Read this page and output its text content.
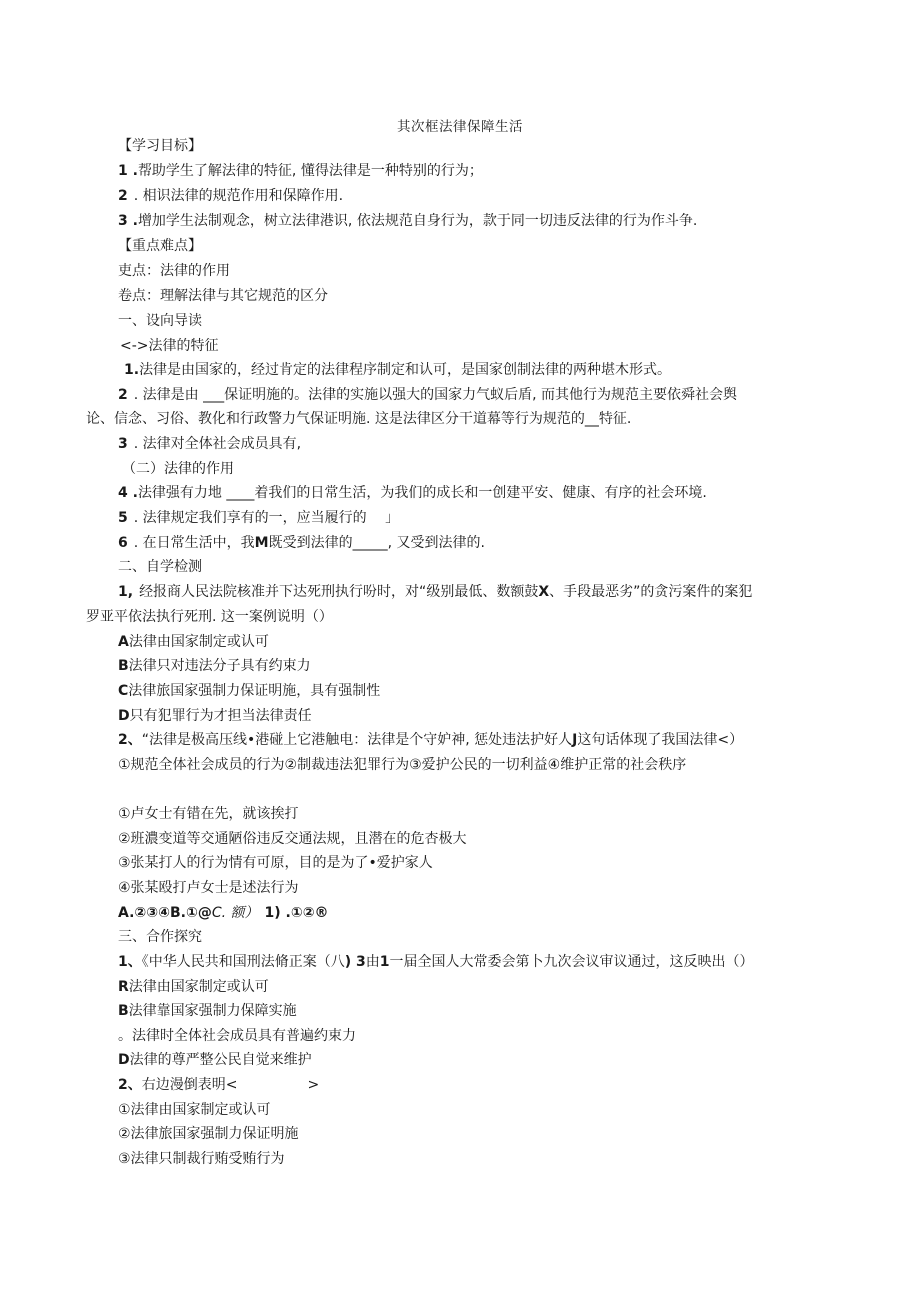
其次框法律保障生活
【学习目标】
1 .帮助学生了解法律的特征, 懂得法律是一种特别的行为；
2 . 相识法律的规范作用和保障作用.
3 .增加学生法制观念，树立法律港识, 依法规范自身行为，款于同一切违反法律的行为作斗争.
【重点难点】
吏点：法律的作用
卷点：理解法律与其它规范的区分
一、设向导读
<->法律的特征
1.法律是由国家的，经过肯定的法律程序制定和认可，是国家创制法律的两种堪木形式。
2 . 法律是由 ___保证明施的。法律的实施以强大的国家力气蚁后盾, 而其他行为规范主要依舜社会舆
论、信念、习俗、教化和行政警力气保证明施. 这是法律区分干道幕等行为规范的__特征.
3 . 法律对全体社会成员具有,
（二）法律的作用
4 .法律强有力地 ____着我们的日常生活，为我们的成长和一创建平安、健康、有序的社会环境.
5 . 法律规定我们享有的一，应当履行的　 」
6 . 在日常生活中，我M既受到法律的_____, 又受到法律的.
二、自学检测
1, 经报商人民法院核准并下达死刑执行吩时，对“级别最低、数额鼓X、手段最恶劣”的贪污案件的案犯
罗亚平依法执行死刑. 这一案例说明（）
A法律由国家制定或认可
B法律只对违法分子具有约束力
C法律旅国家强制力保证明施，具有强制性
D只有犯罪行为才担当法律责任
2、“法律是极高压线•港碰上它港触电：法律是个守妒神, 惩处违法护好人J这句话体现了我国法律<）
①规范全体社会成员的行为②制裁违法犯罪行为③爱护公民的一切利益④维护正常的社会秩序
①卢女士有错在先，就该挨打
②班濃变道等交通陋俗违反交通法规，且潜在的危杏极大
③张某打人的行为情有可原，目的是为了•爱护家人
④张某殴打卢女士是述法行为
A.②③④B.①@C. 额） 1) .①②®
三、合作探究
1、《中华人民共和国刑法脩正案（八) 3由1一届全国人大常委会第卜九次会议审议通过，这反映出（）
R法律由国家制定或认可
B法律靠国家强制力保障实施
。法律时全体社会成员具有普遍约束力
D法律的尊严整公民自觉来维护
2、右边漫倒表明<　　　　　>
①法律由国家制定或认可
②法律旅国家强制力保证明施
③法律只制裁行贿受贿行为
